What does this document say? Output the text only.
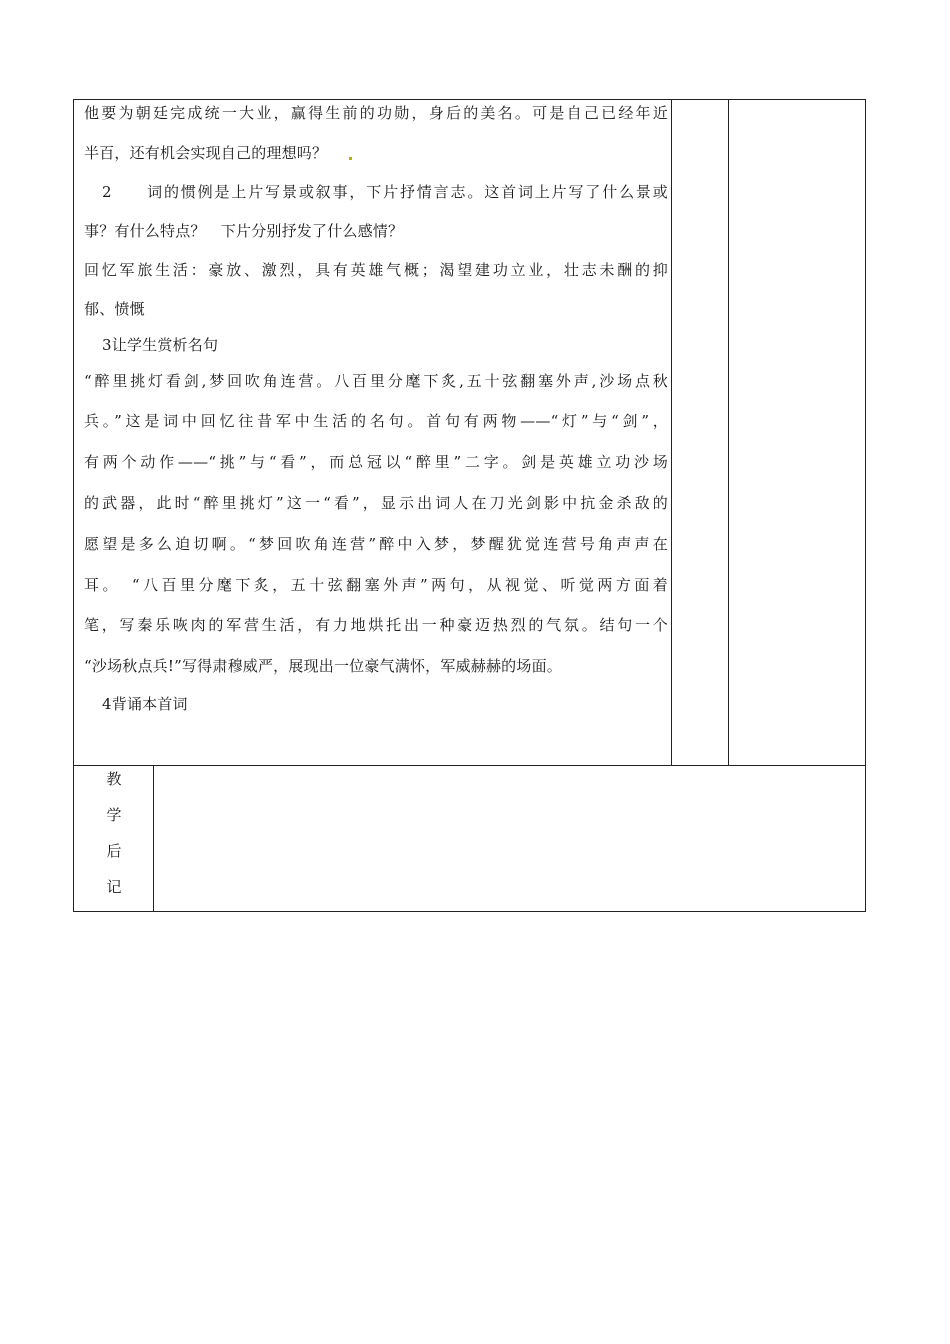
他要为朝廷完成统一大业，赢得生前的功勋，身后的美名。可是自己已经年近
半百，还有机会实现自己的理想吗？
2　　词的惯例是上片写景或叙事，下片抒情言志。这首词上片写了什么景或
事？有什么特点？　下片分别抒发了什么感情？
回忆军旅生活：豪放、激烈，具有英雄气概；渴望建功立业，壮志未酬的抑
郁、愤慨
3让学生赏析名句
“醉里挑灯看剑,梦回吹角连营。八百里分麾下炙,五十弦翻塞外声,沙场点秋
兵。”这是词中回忆往昔军中生活的名句。首句有两物——“灯”与“剑”，
有两个动作——“挑”与“看”，而总冠以“醉里”二字。剑是英雄立功沙场
的武器，此时“醉里挑灯”这一“看”，显示出词人在刀光剑影中抗金杀敌的
愿望是多么迫切啊。“梦回吹角连营”醉中入梦，梦醒犹觉连营号角声声在
耳。　“八百里分麾下炙，五十弦翻塞外声”两句，从视觉、听觉两方面着
笔，写秦乐咴肉的军营生活，有力地烘托出一种豪迈热烈的气氛。结句一个
“沙场秋点兵!”写得肃穆威严，展现出一位豪气满怀，军威赫赫的场面。
4背诵本首词
教
学
后
记
